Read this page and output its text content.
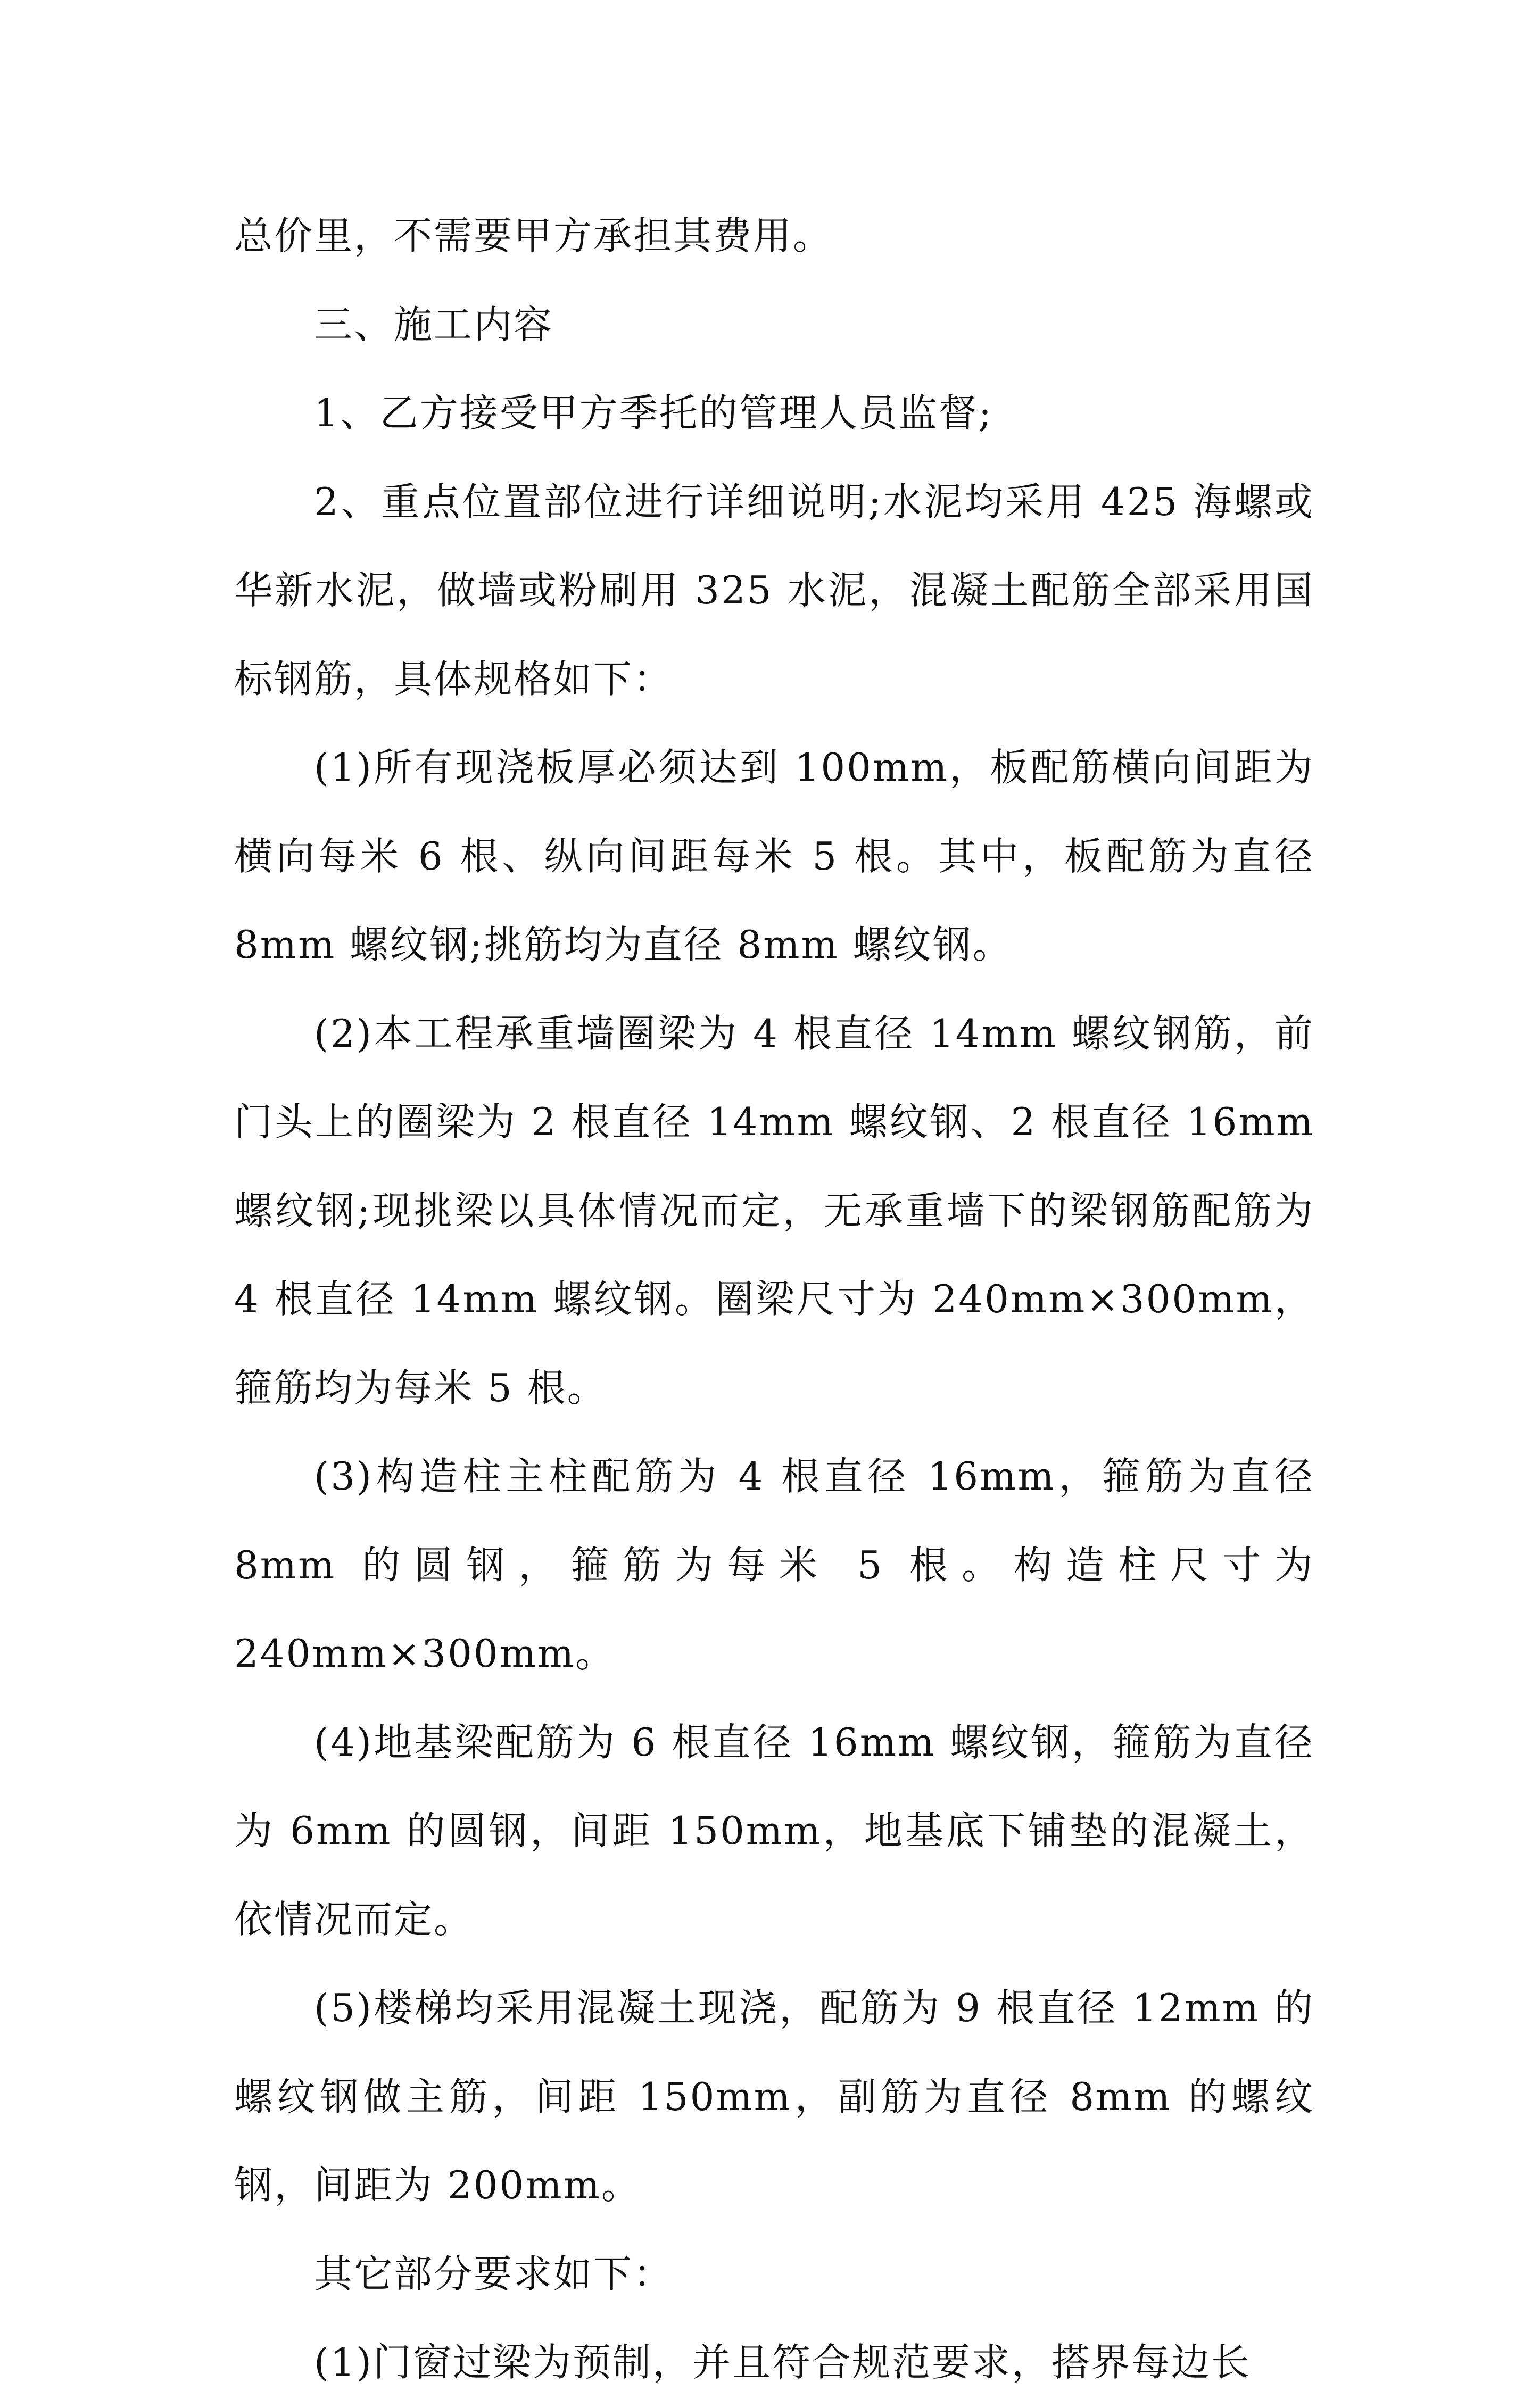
总价里，不需要甲方承担其费用。

三、施工内容

1、乙方接受甲方季托的管理人员监督;

2、重点位置部位进行详细说明;水泥均采用 425 海螺或华新水泥，做墙或粉刷用 325 水泥，混凝土配筋全部采用国标钢筋，具体规格如下：

(1)所有现浇板厚必须达到 100mm，板配筋横向间距为横向每米 6 根、纵向间距每米 5 根。其中，板配筋为直径 8mm 螺纹钢;挑筋均为直径 8mm 螺纹钢。

(2)本工程承重墙圈梁为 4 根直径 14mm 螺纹钢筋，前门头上的圈梁为 2 根直径 14mm 螺纹钢、2 根直径 16mm 螺纹钢;现挑梁以具体情况而定，无承重墙下的梁钢筋配筋为 4 根直径 14mm 螺纹钢。圈梁尺寸为 240mm×300mm，箍筋均为每米 5 根。

(3)构造柱主柱配筋为 4 根直径 16mm，箍筋为直径 8mm 的圆钢，箍筋为每米 5 根。构造柱尺寸为 240mm×300mm。

(4)地基梁配筋为 6 根直径 16mm 螺纹钢，箍筋为直径为 6mm 的圆钢，间距 150mm，地基底下铺垫的混凝土，依情况而定。

(5)楼梯均采用混凝土现浇，配筋为 9 根直径 12mm 的螺纹钢做主筋，间距 150mm，副筋为直径 8mm 的螺纹钢，间距为 200mm。

其它部分要求如下：

(1)门窗过梁为预制，并且符合规范要求，搭界每边长
